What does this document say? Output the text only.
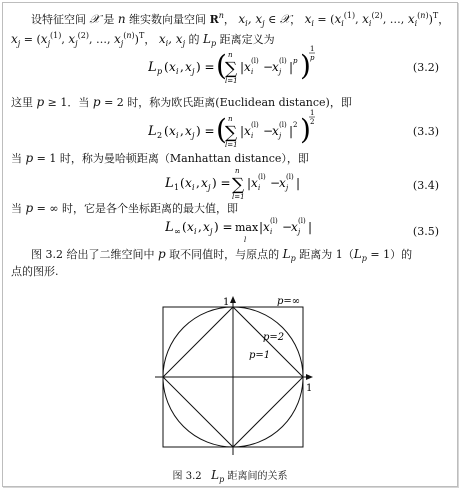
设特征空间 𝒳 是 n 维实数向量空间 $R^n$， $x_i$, $x_j$ ∈ 𝒳， $x_i = (x_i^{(1)}$, $x_i^{(2)}$, …, $x_i^{(n)})^T$，
$x_j = (x_j^{(1)}$, $x_j^{(2)}$, …, $x_j^{(n)})^T$， $x_i$, $x_j$ 的 $L_p$ 距离定义为
L p ( x i , x j ) = ( n
∑
l=1
| x i
(l) −
x j
(l) | p ) 1
p
(3.2)
这里 p ≥ 1．当 p = 2 时，称为欧氏距离(Euclidean distance)，即
L 2 ( x i , x j ) = ( n
∑
l=1
| x i
(l) −
x j
(l) | 2 ) 1
2
(3.3)
当 p = 1 时，称为曼哈顿距离（Manhattan distance），即
L 1 ( x i , x j ) =
n
∑
l=1
| x i
(l) −
x j
(l) |	(3.4)
当 p = ∞ 时，它是各个坐标距离的最大值，即
L ∞ ( x i , x j ) = max
l
| x i
(l) −
x j
(l) |	(3.5)
图 3.2 给出了二维空间中 p 取不同值时，与原点的 $L_p$ 距离为 $1(L_p = 1)$的
点的图形.
p=∞
p=2
p=1
1
1
图 3.2   $L_p$ 距离间的关系
